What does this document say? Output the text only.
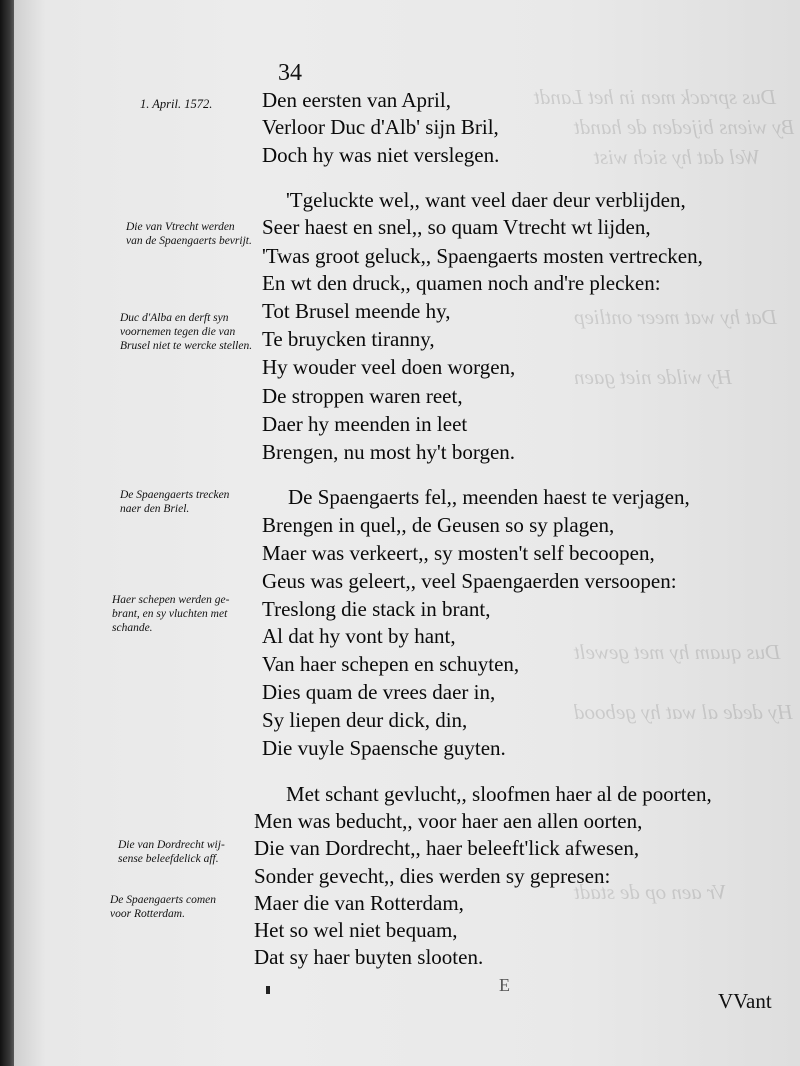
Dus sprack men in het Landt
By wiens bijeden de handt
Wel dat hy sich wist
Dat hy wat meer ontliep
Hy wilde niet gaen
Dus quam hy met gewelt
Hy dede al wat hy gebood
Vr aen op de stadt
34
1. April. 1572.
Die van Vtrecht werden
van de Spaengaerts bevrijt.
Duc d'Alba en derft syn
voornemen tegen die van
Brusel niet te wercke stellen.
De Spaengaerts trecken
naer den Briel.
Haer schepen werden ge-
brant, en sy vluchten met
schande.
Die van Dordrecht wij-
sense beleefdelick aff.
De Spaengaerts comen
voor Rotterdam.
Den eersten van April,
Verloor Duc d'Alb' sijn Bril,
Doch hy was niet verslegen.
'Tgeluckte wel,, want veel daer deur verblijden,
Seer haest en snel,, so quam Vtrecht wt lijden,
'Twas groot geluck,, Spaengaerts mosten vertrecken,
En wt den druck,, quamen noch and're plecken:
Tot Brusel meende hy,
Te bruycken tiranny,
Hy wouder veel doen worgen,
De stroppen waren reet,
Daer hy meenden in leet
Brengen, nu most hy't borgen.
De Spaengaerts fel,, meenden haest te verjagen,
Brengen in quel,, de Geusen so sy plagen,
Maer was verkeert,, sy mosten't self becoopen,
Geus was geleert,, veel Spaengaerden versoopen:
Treslong die stack in brant,
Al dat hy vont by hant,
Van haer schepen en schuyten,
Dies quam de vrees daer in,
Sy liepen deur dick, din,
Die vuyle Spaensche guyten.
Met schant gevlucht,, sloofmen haer al de poorten,
Men was beducht,, voor haer aen allen oorten,
Die van Dordrecht,, haer beleeft'lick afwesen,
Sonder gevecht,, dies werden sy gepresen:
Maer die van Rotterdam,
Het so wel niet bequam,
Dat sy haer buyten slooten.
E
VVant
